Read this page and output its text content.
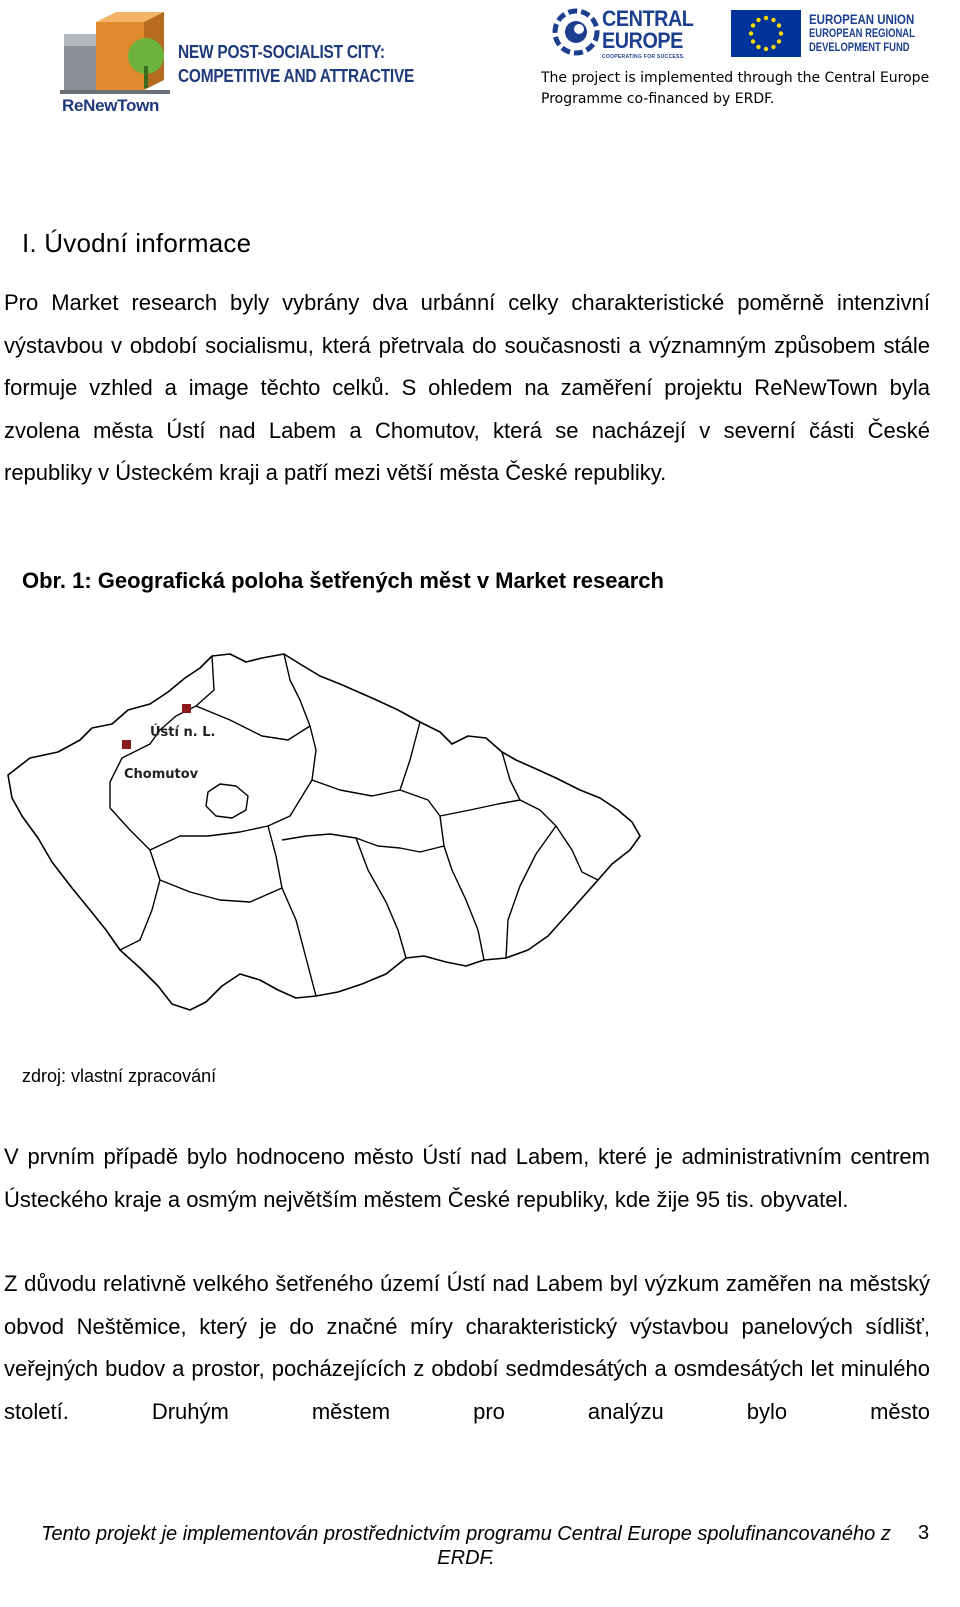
NEW POST-SOCIALIST CITY:
COMPETITIVE AND ATTRACTIVE
ReNewTown
CENTRAL
EUROPE
COOPERATING FOR SUCCESS.
EUROPEAN UNION
EUROPEAN REGIONAL
DEVELOPMENT FUND
The project is implemented through the Central Europe
Programme co-financed by ERDF.
I. Úvodní informace
Pro Market research byly vybrány dva urbánní celky charakteristické poměrně intenzivní výstavbou v období socialismu, která přetrvala do současnosti a významným způsobem stále formuje vzhled a image těchto celků. S ohledem na zaměření projektu ReNewTown byla zvolena města Ústí nad Labem a Chomutov, která se nacházejí v severní části České republiky v Ústeckém kraji a patří mezi větší města České republiky.
Obr. 1: Geografická poloha šetřených měst v Market research
Ústí n. L.
Chomutov
zdroj: vlastní zpracování
V prvním případě bylo hodnoceno město Ústí nad Labem, které je administrativním centrem Ústeckého kraje a osmým největším městem České republiky, kde žije 95 tis. obyvatel.
Z důvodu relativně velkého šetřeného území Ústí nad Labem byl výzkum zaměřen na městský obvod Neštěmice, který je do značné míry charakteristický výstavbou panelových sídlišť, veřejných budov a prostor, pocházejících z období sedmdesátých a osmdesátých let minulého století. Druhým městem pro analýzu bylo město
Tento projekt je implementován prostřednictvím programu Central Europe spolufinancovaného z ERDF.
3
